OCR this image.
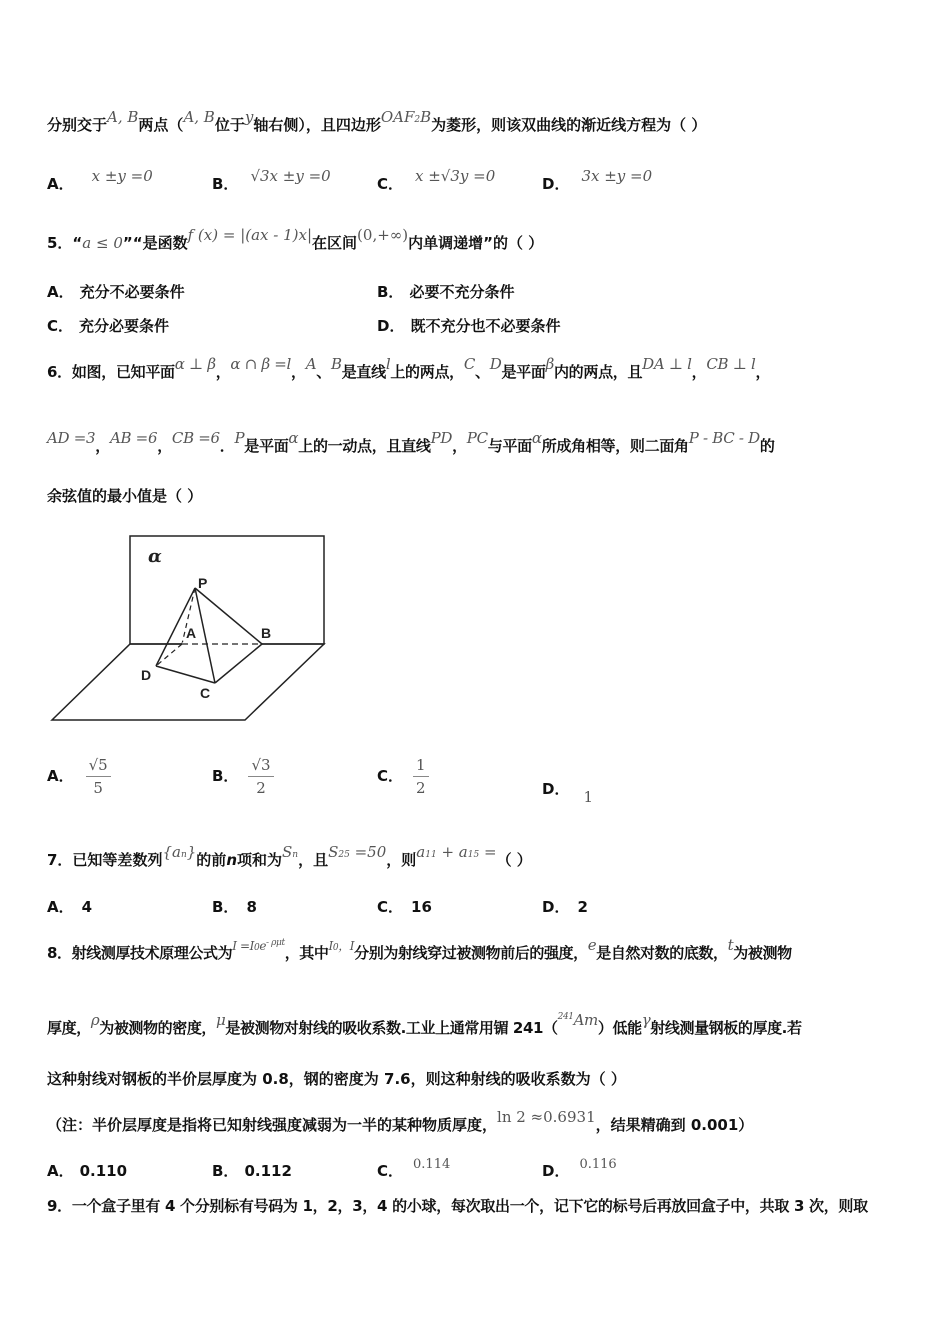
分别交于A, B两点（A, B位于y轴右侧），且四边形OAF2B为菱形，则该双曲线的渐近线方程为（ ）
A． x ±y =0	B． √3x ±y =0	C． x ±√3y =0	D． 3x ±y =0
5．“a ≤ 0”“是函数f (x) = |(ax - 1)x|在区间(0,+∞)内单调递增”的（ ）
A． 充分不必要条件	B． 必要不充分条件
C． 充分必要条件	D． 既不充分也不必要条件
6．如图，已知平面α ⊥ β，α ∩ β =l，A、B是直线l上的两点，C、D是平面β内的两点，且DA ⊥ l，CB ⊥ l，
AD =3，AB =6，CB =6．P是平面α上的一动点，且直线PD，PC与平面α所成角相等，则二面角P - BC - D的
余弦值的最小值是（ ）
α
P
A	B
C
D
A． $\frac{√5}{5}$	B． $\frac{√3}{2}$	C． $\frac{1}{2}$	D． 1
7．已知等差数列{an}的前n项和为Sn，且S25 =50，则a11 + a15 =（ ）
A． 4	B． 8	C． 16	D． 2
8．射线测厚技术原理公式为$^{I =I0e^{- \rho\mu t}}$，其中$^{I0,I}$分别为射线穿过被测物前后的强度，e是自然对数的底数，t为被测物
厚度，ρ为被测物的密度，μ是被测物对射线的吸收系数.工业上通常用镅 241（$^{241}$Am）低能γ射线测量钢板的厚度.若
这种射线对钢板的半价层厚度为 0.8，钢的密度为 7.6，则这种射线的吸收系数为（ ）
（注：半价层厚度是指将已知射线强度减弱为一半的某种物质厚度，ln 2 ≈0.6931，结果精确到 0.001）
A． 0.110	B． 0.112	C． 0.114	D． 0.116
9．一个盒子里有 4 个分别标有号码为 1，2，3，4 的小球，每次取出一个，记下它的标号后再放回盒子中，共取 3 次，则取
